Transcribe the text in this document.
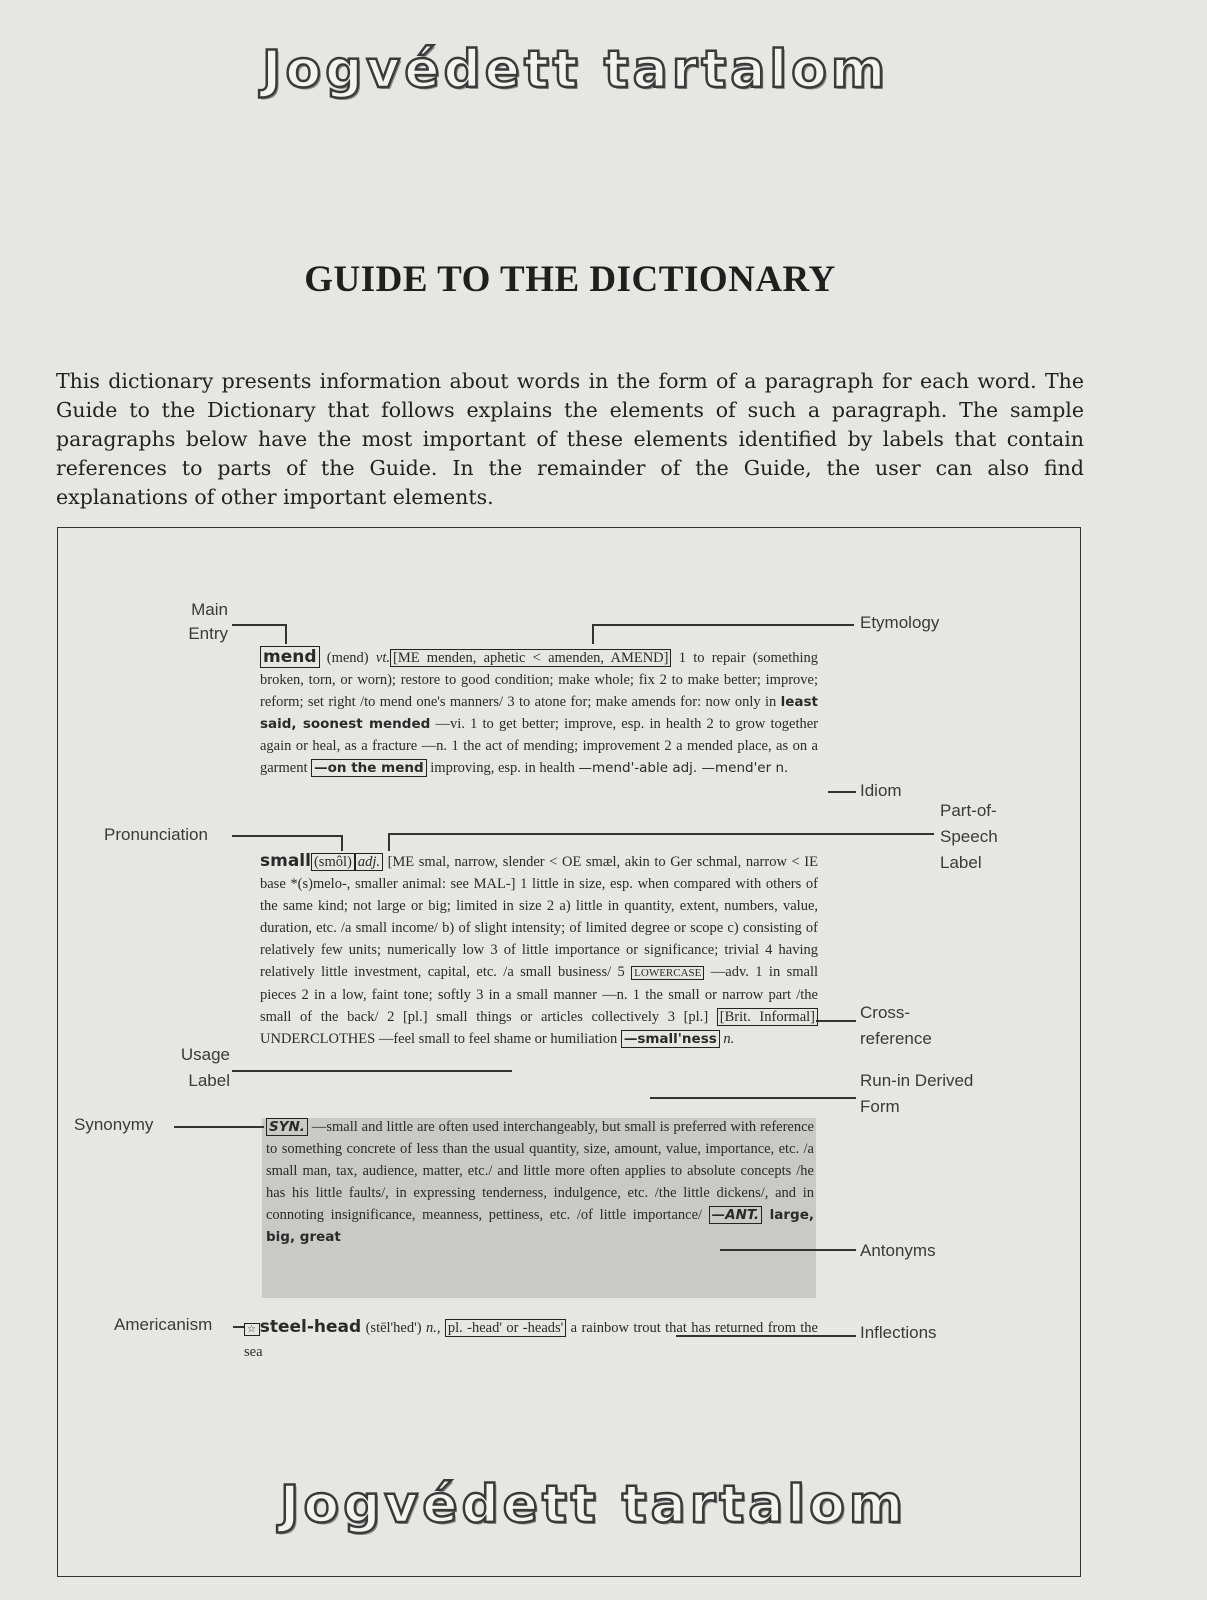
Jogvédett tartalom
GUIDE TO THE DICTIONARY

This dictionary presents information about words in the form of a paragraph for each word. The Guide to the Dictionary that follows explains the elements of such a paragraph. The sample paragraphs below have the most important of these elements identified by labels that contain references to parts of the Guide. In the remainder of the Guide, the user can also find explanations of other important elements.

Main Entry
Etymology
Idiom
Pronunciation
Part-of-Speech Label
Cross-reference
Usage Label	Run-in Derived Form
Synonymy
Antonyms
Americanism	Inflections
mend (mend) vt. [ME menden, aphetic < amenden, AMEND] 1 to repair (something broken, torn, or worn); restore to good condition; make whole; fix 2 to make better; improve; reform; set right /to mend one's manners/ 3 to atone for; make amends for: now only in least said, soonest mended —vi. 1 to get better; improve, esp. in health 2 to grow together again or heal, as a fracture —n. 1 the act of mending; improvement 2 a mended place, as on a garment —on the mend improving, esp. in health —mend'-able adj. —mend'er n.
small (smôl) adj. [ME smal, narrow, slender < OE smæl, akin to Ger schmal, narrow < IE base *(s)melo-, smaller animal: see MAL-] 1 little in size, esp. when compared with others of the same kind; not large or big; limited in size 2 a) little in quantity, extent, numbers, value, duration, etc. /a small income/ b) of slight intensity; of limited degree or scope c) consisting of relatively few units; numerically low 3 of little importance or significance; trivial 4 having relatively little investment, capital, etc. /a small business/ 5 LOWERCASE —adv. 1 in small pieces 2 in a low, faint tone; softly 3 in a small manner —n. 1 the small or narrow part /the small of the back/ 2 [pl.] small things or articles collectively 3 [pl.] [Brit. Informal] UNDERCLOTHES —feel small to feel shame or humiliation —small'ness n.
SYN. —small and little are often used interchangeably, but small is preferred with reference to something concrete of less than the usual quantity, size, amount, value, importance, etc. /a small man, tax, audience, matter, etc./ and little more often applies to absolute concepts /he has his little faults/, in expressing tenderness, indulgence, etc. /the little dickens/, and in connoting insignificance, meanness, pettiness, etc. /of little importance/ —ANT. large, big, great
☆ steel-head (stēl'hed') n., pl. -head' or -heads' a rainbow trout that has returned from the sea
Jogvédett tartalom
